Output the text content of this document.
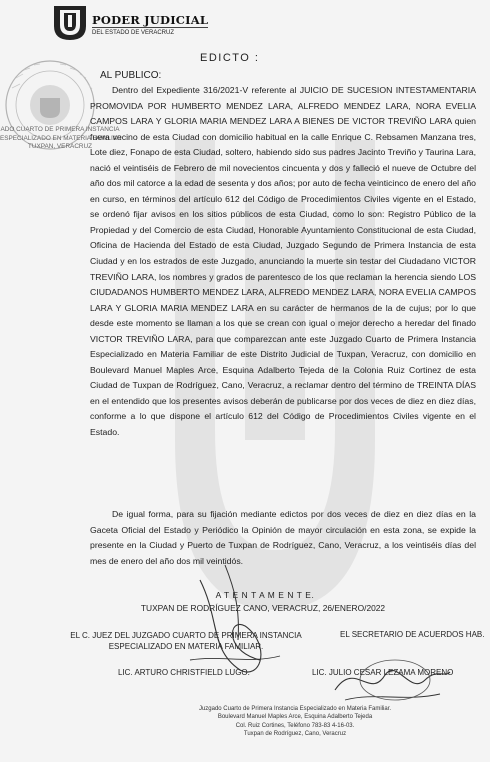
PODER JUDICIAL
DEL ESTADO DE VERACRUZ
EDICTO :
AL PUBLICO:
ADO CUARTO DE PRIMERA INSTANCIA
ESPECIALIZADO EN MATERIA FAMILIAR
TUXPAN, VERACRUZ

Dentro del Expediente 316/2021-V referente al JUICIO DE SUCESION INTESTAMENTARIA PROMOVIDA POR HUMBERTO MENDEZ LARA, ALFREDO MENDEZ LARA, NORA EVELIA CAMPOS LARA Y GLORIA MARIA MENDEZ LARA A BIENES DE VICTOR TREVIÑO LARA quien fuera vecino de esta Ciudad con domicilio habitual en la calle Enrique C. Rebsamen Manzana tres, Lote diez, Fonapo de esta Ciudad, soltero, habiendo sido sus padres Jacinto Treviño y Taurina Lara, nació el veintiséis de Febrero de mil novecientos cincuenta y dos y falleció el nueve de Octubre del año dos mil catorce a la edad de sesenta y dos años; por auto de fecha veinticinco de enero del año en curso, en términos del artículo 612 del Código de Procedimientos Civiles vigente en el Estado, se ordenó fijar avisos en los sitios públicos de esta Ciudad, como lo son: Registro Público de la Propiedad y del Comercio de esta Ciudad, Honorable Ayuntamiento Constitucional de esta Ciudad, Oficina de Hacienda del Estado de esta Ciudad, Juzgado Segundo de Primera Instancia de esta Ciudad y en los estrados de este Juzgado, anunciando la muerte sin testar del Ciudadano VICTOR TREVIÑO LARA, los nombres y grados de parentesco de los que reclaman la herencia siendo LOS CIUDADANOS HUMBERTO MENDEZ LARA, ALFREDO MENDEZ LARA, NORA EVELIA CAMPOS LARA Y GLORIA MARIA MENDEZ LARA en su carácter de hermanos de la de cujus; por lo que desde este momento se llaman a los que se crean con igual o mejor derecho a heredar del finado VICTOR TREVIÑO LARA, para que comparezcan ante este Juzgado Cuarto de Primera Instancia Especializado en Materia Familiar de este Distrito Judicial de Tuxpan, Veracruz, con domicilio en Boulevard Manuel Maples Arce, Esquina Adalberto Tejeda de la Colonia Ruiz Cortinez de esta Ciudad de Tuxpan de Rodríguez, Cano, Veracruz, a reclamar dentro del término de TREINTA DÍAS en el entendido que los presentes avisos deberán de publicarse por dos veces de diez en diez días, conforme a lo que dispone el artículo 612 del Código de Procedimientos Civiles vigente en el Estado.

De igual forma, para su fijación mediante edictos por dos veces de diez en diez días en la Gaceta Oficial del Estado y Periódico la Opinión de mayor circulación en esta zona, se expide la presente en la Ciudad y Puerto de Tuxpan de Rodríguez, Cano, Veracruz, a los veintiséis días del mes de enero del año dos mil veintidós.

A T E N T A M E N T E.
TUXPAN DE RODRÍGUEZ CANO, VERACRUZ, 26/ENERO/2022
EL C. JUEZ DEL JUZGADO CUARTO DE PRIMERA INSTANCIA
ESPECIALIZADO EN MATERIA FAMILIAR.
EL SECRETARIO DE ACUERDOS HAB.
LIC. ARTURO CHRISTFIELD LUGO.	LIC. JULIO CESAR LEZAMA MORENO
Juzgado Cuarto de Primera Instancia Especializado en Materia Familiar.
Boulevard Manuel Maples Arce, Esquina Adalberto Tejeda
Col. Ruiz Cortines, Teléfono 783-83 4-16-03.
Tuxpan de Rodríguez, Cano, Veracruz
